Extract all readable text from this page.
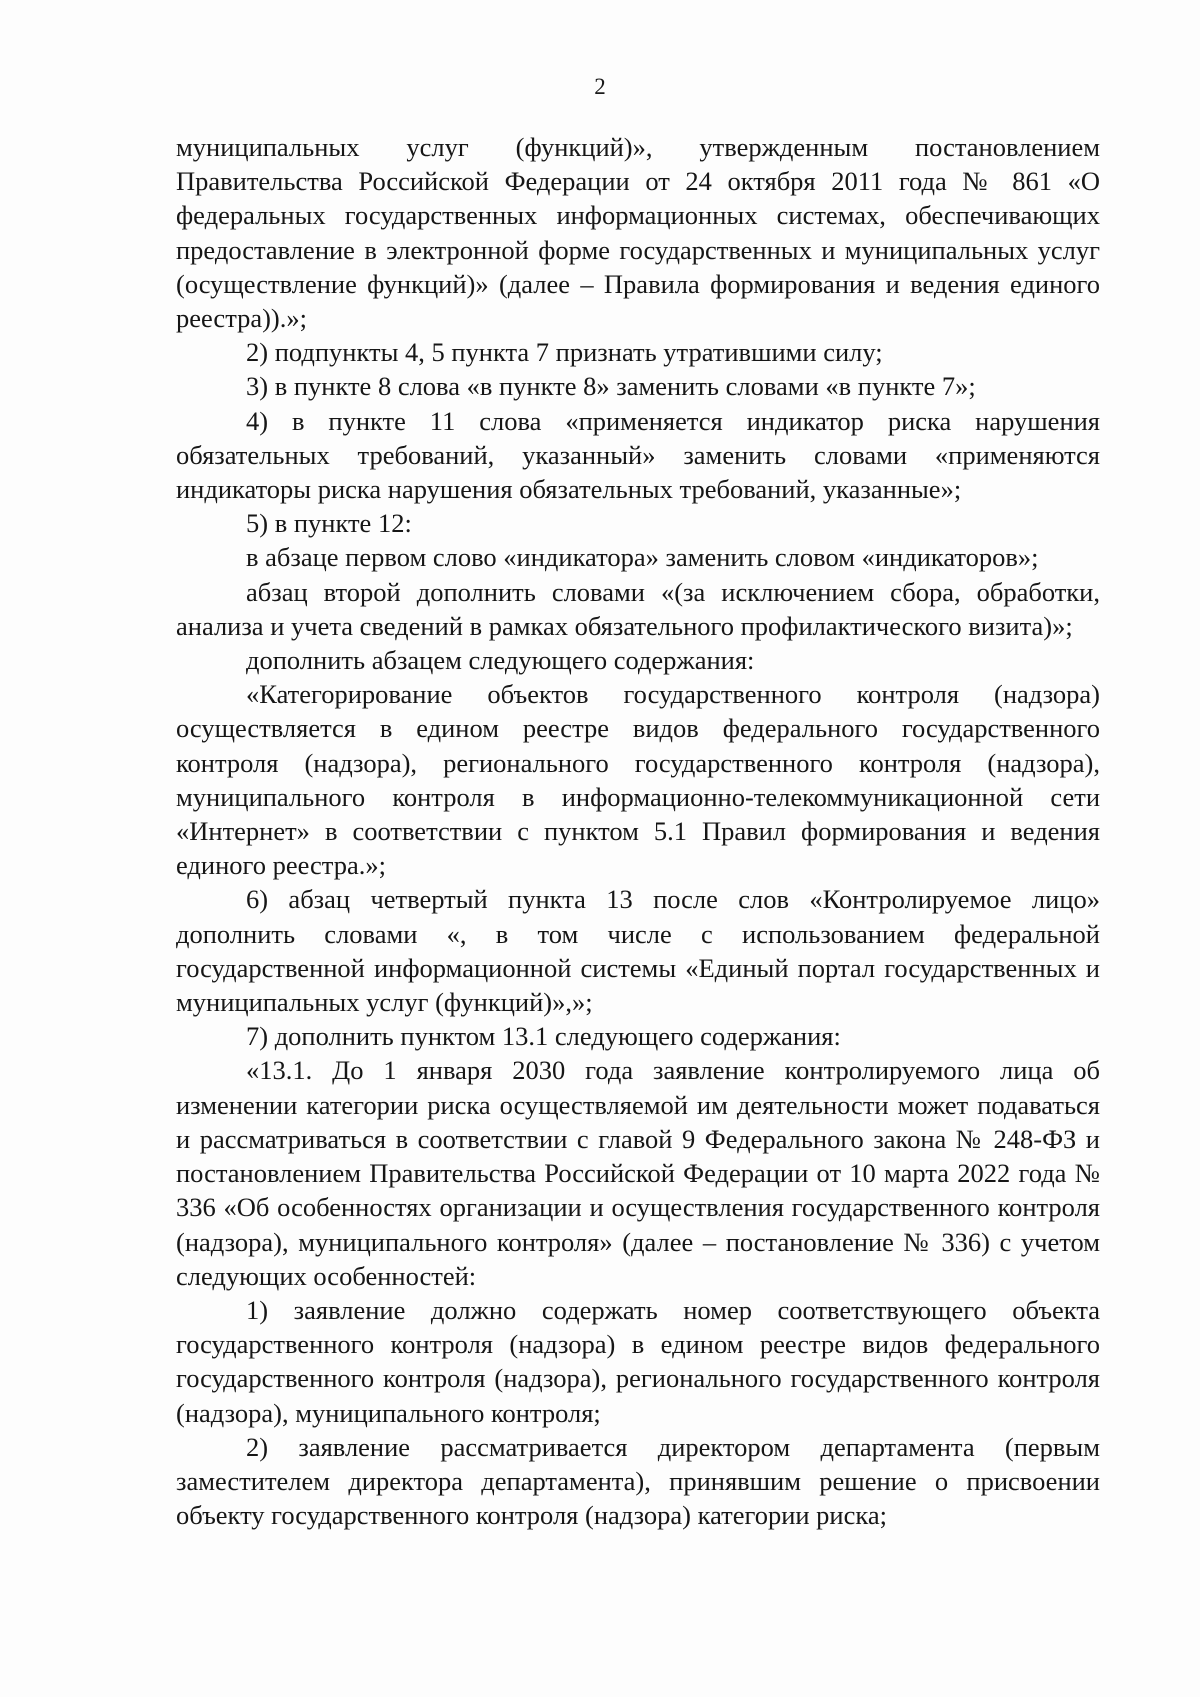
2

муниципальных услуг (функций)», утвержденным постановлением Правительства Российской Федерации от 24 октября 2011 года № 861 «О федеральных государственных информационных системах, обеспечивающих предоставление в электронной форме государственных и муниципальных услуг (осуществление функций)» (далее – Правила формирования и ведения единого реестра)).»;

2) подпункты 4, 5 пункта 7 признать утратившими силу;

3) в пункте 8 слова «в пункте 8» заменить словами «в пункте 7»;

4) в пункте 11 слова «применяется индикатор риска нарушения обязательных требований, указанный» заменить словами «применяются индикаторы риска нарушения обязательных требований, указанные»;

5) в пункте 12:

в абзаце первом слово «индикатора» заменить словом «индикаторов»;

абзац второй дополнить словами «(за исключением сбора, обработки, анализа и учета сведений в рамках обязательного профилактического визита)»;

дополнить абзацем следующего содержания:

«Категорирование объектов государственного контроля (надзора) осуществляется в едином реестре видов федерального государственного контроля (надзора), регионального государственного контроля (надзора), муниципального контроля в информационно-телекоммуникационной сети «Интернет» в соответствии с пунктом 5.1 Правил формирования и ведения единого реестра.»;

6) абзац четвертый пункта 13 после слов «Контролируемое лицо» дополнить словами «, в том числе с использованием федеральной государственной информационной системы «Единый портал государственных и муниципальных услуг (функций)»,»;

7) дополнить пунктом 13.1 следующего содержания:

«13.1. До 1 января 2030 года заявление контролируемого лица об изменении категории риска осуществляемой им деятельности может подаваться и рассматриваться в соответствии с главой 9 Федерального закона № 248-ФЗ и постановлением Правительства Российской Федерации от 10 марта 2022 года № 336 «Об особенностях организации и осуществления государственного контроля (надзора), муниципального контроля» (далее – постановление № 336) с учетом следующих особенностей:

1) заявление должно содержать номер соответствующего объекта государственного контроля (надзора) в едином реестре видов федерального государственного контроля (надзора), регионального государственного контроля (надзора), муниципального контроля;

2) заявление рассматривается директором департамента (первым заместителем директора департамента), принявшим решение о присвоении объекту государственного контроля (надзора) категории риска;
